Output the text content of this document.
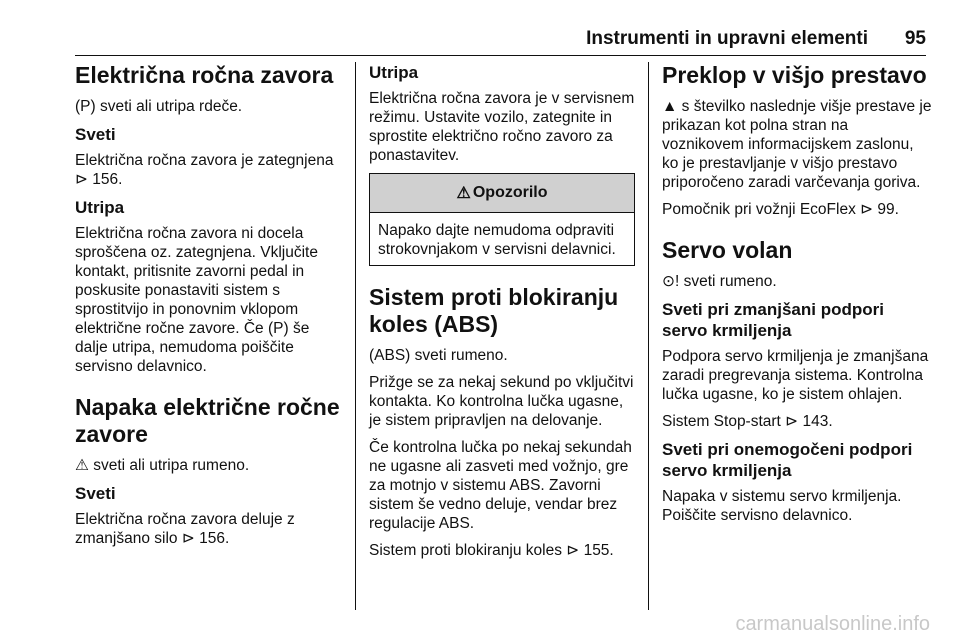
Instrumenti in upravni elementi 95
Električna ročna zavora
(P) sveti ali utripa rdeče.
Sveti
Električna ročna zavora je zategnjena ⊳ 156.
Utripa
Električna ročna zavora ni docela sproščena oz. zategnjena. Vključite kontakt, pritisnite zavorni pedal in poskusite ponastaviti sistem s sprostitvijo in ponovnim vklopom električne ročne zavore. Če (P) še dalje utripa, nemudoma poiščite servisno delavnico.
Napaka električne ročne zavore
⚠ sveti ali utripa rumeno.
Sveti
Električna ročna zavora deluje z zmanjšano silo ⊳ 156.
Utripa
Električna ročna zavora je v servisnem režimu. Ustavite vozilo, zategnite in sprostite električno ročno zavoro za ponastavitev.
⚠ Opozorilo
Napako dajte nemudoma odpraviti strokovnjakom v servisni delavnici.
Sistem proti blokiranju koles (ABS)
(ABS) sveti rumeno.
Prižge se za nekaj sekund po vključitvi kontakta. Ko kontrolna lučka ugasne, je sistem pripravljen na delovanje.
Če kontrolna lučka po nekaj sekundah ne ugasne ali zasveti med vožnjo, gre za motnjo v sistemu ABS. Zavorni sistem še vedno deluje, vendar brez regulacije ABS.
Sistem proti blokiranju koles ⊳ 155.
Preklop v višjo prestavo
▲ s številko naslednje višje prestave je prikazan kot polna stran na voznikovem informacijskem zaslonu, ko je prestavljanje v višjo prestavo priporočeno zaradi varčevanja goriva.
Pomočnik pri vožnji EcoFlex ⊳ 99.
Servo volan
⊙! sveti rumeno.
Sveti pri zmanjšani podpori servo krmiljenja
Podpora servo krmiljenja je zmanjšana zaradi pregrevanja sistema. Kontrolna lučka ugasne, ko je sistem ohlajen.
Sistem Stop-start ⊳ 143.
Sveti pri onemogočeni podpori servo krmiljenja
Napaka v sistemu servo krmiljenja. Poiščite servisno delavnico.
carmanualsonline.info
